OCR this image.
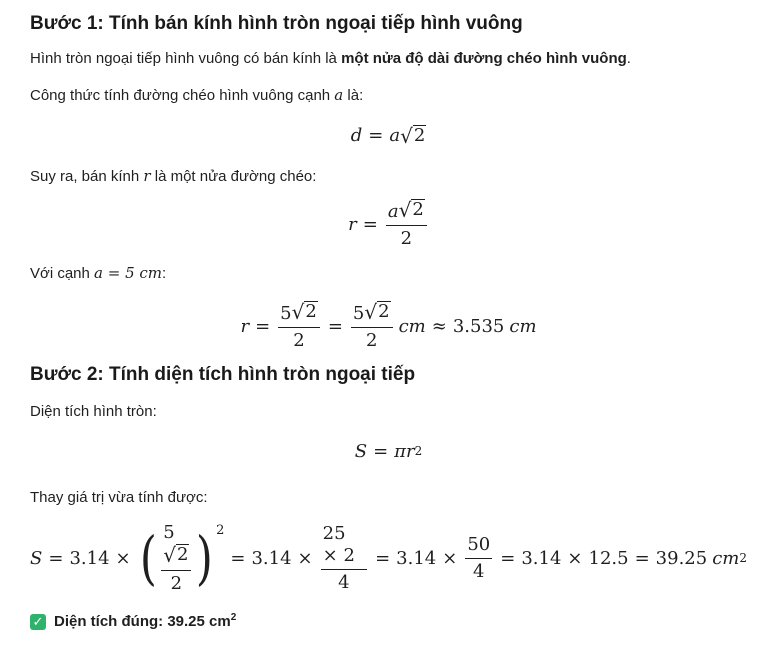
Bước 1: Tính bán kính hình tròn ngoại tiếp hình vuông

Hình tròn ngoại tiếp hình vuông có bán kính là một nửa độ dài đường chéo hình vuông.

Công thức tính đường chéo hình vuông cạnh a là:

d = a √ 2

Suy ra, bán kính r là một nửa đường chéo:

$r = \frac{a √ 2}{2}$

Với cạnh a = 5 cm:

$r = \frac{5 √ 2}{2} = \frac{5 √ 2}{2}$ cm ≈ 3.535 cm
Bước 2: Tính diện tích hình tròn ngoại tiếp

Diện tích hình tròn:

S = πr 2

Thay giá trị vừa tính được:

S = 3.14 × ( 5
√ 2
2 ) 2
= $3.14 \times \frac{25 \times 2}{4} = 3.14 \times \frac{50}{4} = 3.14 \times 12.5 = 39.25$ cm 2

✓ Diện tích đúng: 39.25 $cm^2$
